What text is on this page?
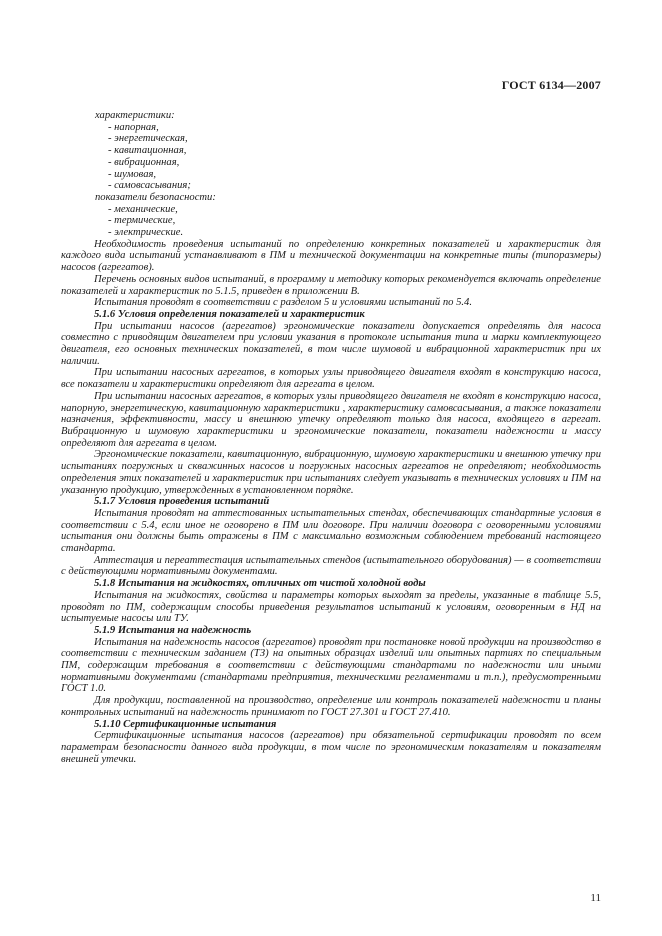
ГОСТ 6134—2007
характеристики:
- напорная,
- энергетическая,
- кавитационная,
- вибрационная,
- шумовая,
- самовсасывания;
показатели безопасности:
- механические,
- термические,
- электрические.
Необходимость проведения испытаний по определению конкретных показателей и характеристик для каждого вида испытаний устанавливают в ПМ и технической документации на конкретные типы (типоразмеры) насосов (агрегатов).
Перечень основных видов испытаний, в программу и методику которых рекомендуется включать определение показателей и характеристик по 5.1.5, приведен в приложении В.
Испытания проводят в соответствии с разделом 5 и условиями испытаний по 5.4.
5.1.6 Условия определения показателей и характеристик
При испытании насосов (агрегатов) эргономические показатели допускается определять для насоса совместно с приводящим двигателем при условии указания в протоколе испытания типа и марки комплектующего двигателя, его основных технических показателей, в том числе шумовой и вибрационной характеристик при их наличии.
При испытании насосных агрегатов, в которых узлы приводящего двигателя входят в конструкцию насоса, все показатели и характеристики определяют для агрегата в целом.
При испытании насосных агрегатов, в которых узлы приводящего двигателя не входят в конструкцию насоса, напорную, энергетическую, кавитационную характеристики , характеристику самовсасывания, а также показатели назначения, эффективности, массу и внешнюю утечку определяют только для насоса, входящего в агрегат. Вибрационную и шумовую характеристики и эргономические показатели, показатели надежности и массу определяют для агрегата в целом.
Эргономические показатели, кавитационную, вибрационную, шумовую характеристики и внешнюю утечку при испытаниях погружных и скважинных насосов и погружных насосных агрегатов не определяют; необходимость определения этих показателей и характеристик при испытаниях следует указывать в технических условиях и ПМ на указанную продукцию, утвержденных в установленном порядке.
5.1.7 Условия проведения испытаний
Испытания проводят на аттестованных испытательных стендах, обеспечивающих стандартные условия в соответствии с 5.4, если иное не оговорено в ПМ или договоре. При наличии договора с оговоренными условиями испытания они должны быть отражены в ПМ с максимально возможным соблюдением требований настоящего стандарта.
Аттестация и переаттестация испытательных стендов (испытательного оборудования) — в соответствии с действующими нормативными документами.
5.1.8 Испытания на жидкостях, отличных от чистой холодной воды
Испытания на жидкостях, свойства и параметры которых выходят за пределы, указанные в таблице 5.5, проводят по ПМ, содержащим способы приведения результатов испытаний к условиям, оговоренным в НД на испытуемые насосы или ТУ.
5.1.9 Испытания на надежность
Испытания на надежность насосов (агрегатов) проводят при постановке новой продукции на производство в соответствии с техническим заданием (ТЗ) на опытных образцах изделий или опытных партиях по специальным ПМ, содержащим требования в соответствии с действующими стандартами по надежности или иными нормативными документами (стандартами предприятия, техническими регламентами и т.п.), предусмотренными ГОСТ 1.0.
Для продукции, поставленной на производство, определение или контроль показателей надежности и планы контрольных испытаний на надежность принимают по ГОСТ 27.301 и ГОСТ 27.410.
5.1.10 Сертификационные испытания
Сертификационные испытания насосов (агрегатов) при обязательной сертификации проводят по всем параметрам безопасности данного вида продукции, в том числе по эргономическим показателям и показателям внешней утечки.
11
